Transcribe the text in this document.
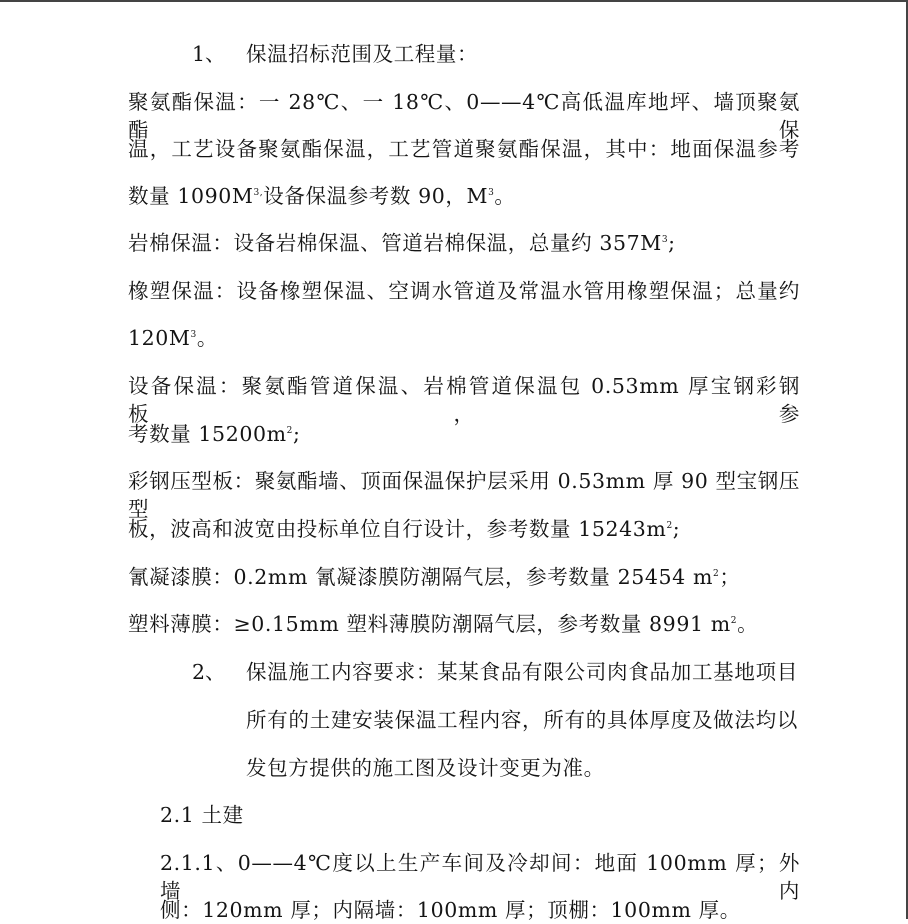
1、 保温招标范围及工程量：
聚氨酯保温：一 28℃、一 18℃、0——4℃高低温库地坪、墙顶聚氨酯保
温，工艺设备聚氨酯保温，工艺管道聚氨酯保温，其中：地面保温参考
数量 $1090M^{3,}$设备保温参考数 90，$M^3$。
岩棉保温：设备岩棉保温、管道岩棉保温，总量约 $357M^3$;
橡塑保温：设备橡塑保温、空调水管道及常温水管用橡塑保温；总量约
$120M^3$。
设备保温：聚氨酯管道保温、岩棉管道保温包 0.53mm 厚宝钢彩钢板，参
考数量 $15200m^2$;
彩钢压型板：聚氨酯墙、顶面保温保护层采用 0.53mm 厚 90 型宝钢压型
板，波高和波宽由投标单位自行设计，参考数量 $15243m^2$;
氰凝漆膜：0.2mm 氰凝漆膜防潮隔气层，参考数量 25454 $m^2$；
塑料薄膜：≥0.15mm 塑料薄膜防潮隔气层，参考数量 8991 $m^2$。
2、 保温施工内容要求：某某食品有限公司肉食品加工基地项目
所有的土建安装保温工程内容，所有的具体厚度及做法均以
发包方提供的施工图及设计变更为准。
2.1 土建
2.1.1、0——4℃度以上生产车间及冷却间：地面 100mm 厚；外墙内
侧：120mm 厚；内隔墙：100mm 厚；顶棚：100mm 厚。
